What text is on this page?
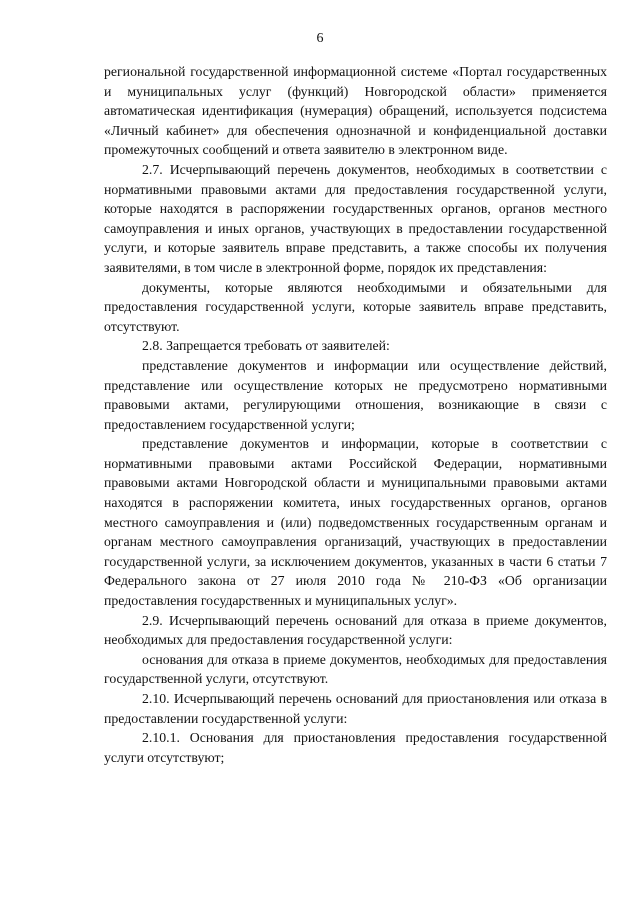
6

региональной государственной информационной системе «Портал государственных и муниципальных услуг (функций) Новгородской области» применяется автоматическая идентификация (нумерация) обращений, используется подсистема «Личный кабинет» для обеспечения однозначной и конфиденциальной доставки промежуточных сообщений и ответа заявителю в электронном виде.

2.7. Исчерпывающий перечень документов, необходимых в соответствии с нормативными правовыми актами для предоставления государственной услуги, которые находятся в распоряжении государственных органов, органов местного самоуправления и иных органов, участвующих в предоставлении государственной услуги, и которые заявитель вправе представить, а также способы их получения заявителями, в том числе в электронной форме, порядок их представления:

документы, которые являются необходимыми и обязательными для предоставления государственной услуги, которые заявитель вправе представить, отсутствуют.

2.8. Запрещается требовать от заявителей:

представление документов и информации или осуществление действий, представление или осуществление которых не предусмотрено нормативными правовыми актами, регулирующими отношения, возникающие в связи с предоставлением государственной услуги;

представление документов и информации, которые в соответствии с нормативными правовыми актами Российской Федерации, нормативными правовыми актами Новгородской области и муниципальными правовыми актами находятся в распоряжении комитета, иных государственных органов, органов местного самоуправления и (или) подведомственных государственным органам и органам местного самоуправления организаций, участвующих в предоставлении государственной услуги, за исключением документов, указанных в части 6 статьи 7 Федерального закона от 27 июля 2010 года № 210-ФЗ «Об организации предоставления государственных и муниципальных услуг».

2.9. Исчерпывающий перечень оснований для отказа в приеме документов, необходимых для предоставления государственной услуги:

основания для отказа в приеме документов, необходимых для предоставления государственной услуги, отсутствуют.

2.10. Исчерпывающий перечень оснований для приостановления или отказа в предоставлении государственной услуги:

2.10.1. Основания для приостановления предоставления государственной услуги отсутствуют;
